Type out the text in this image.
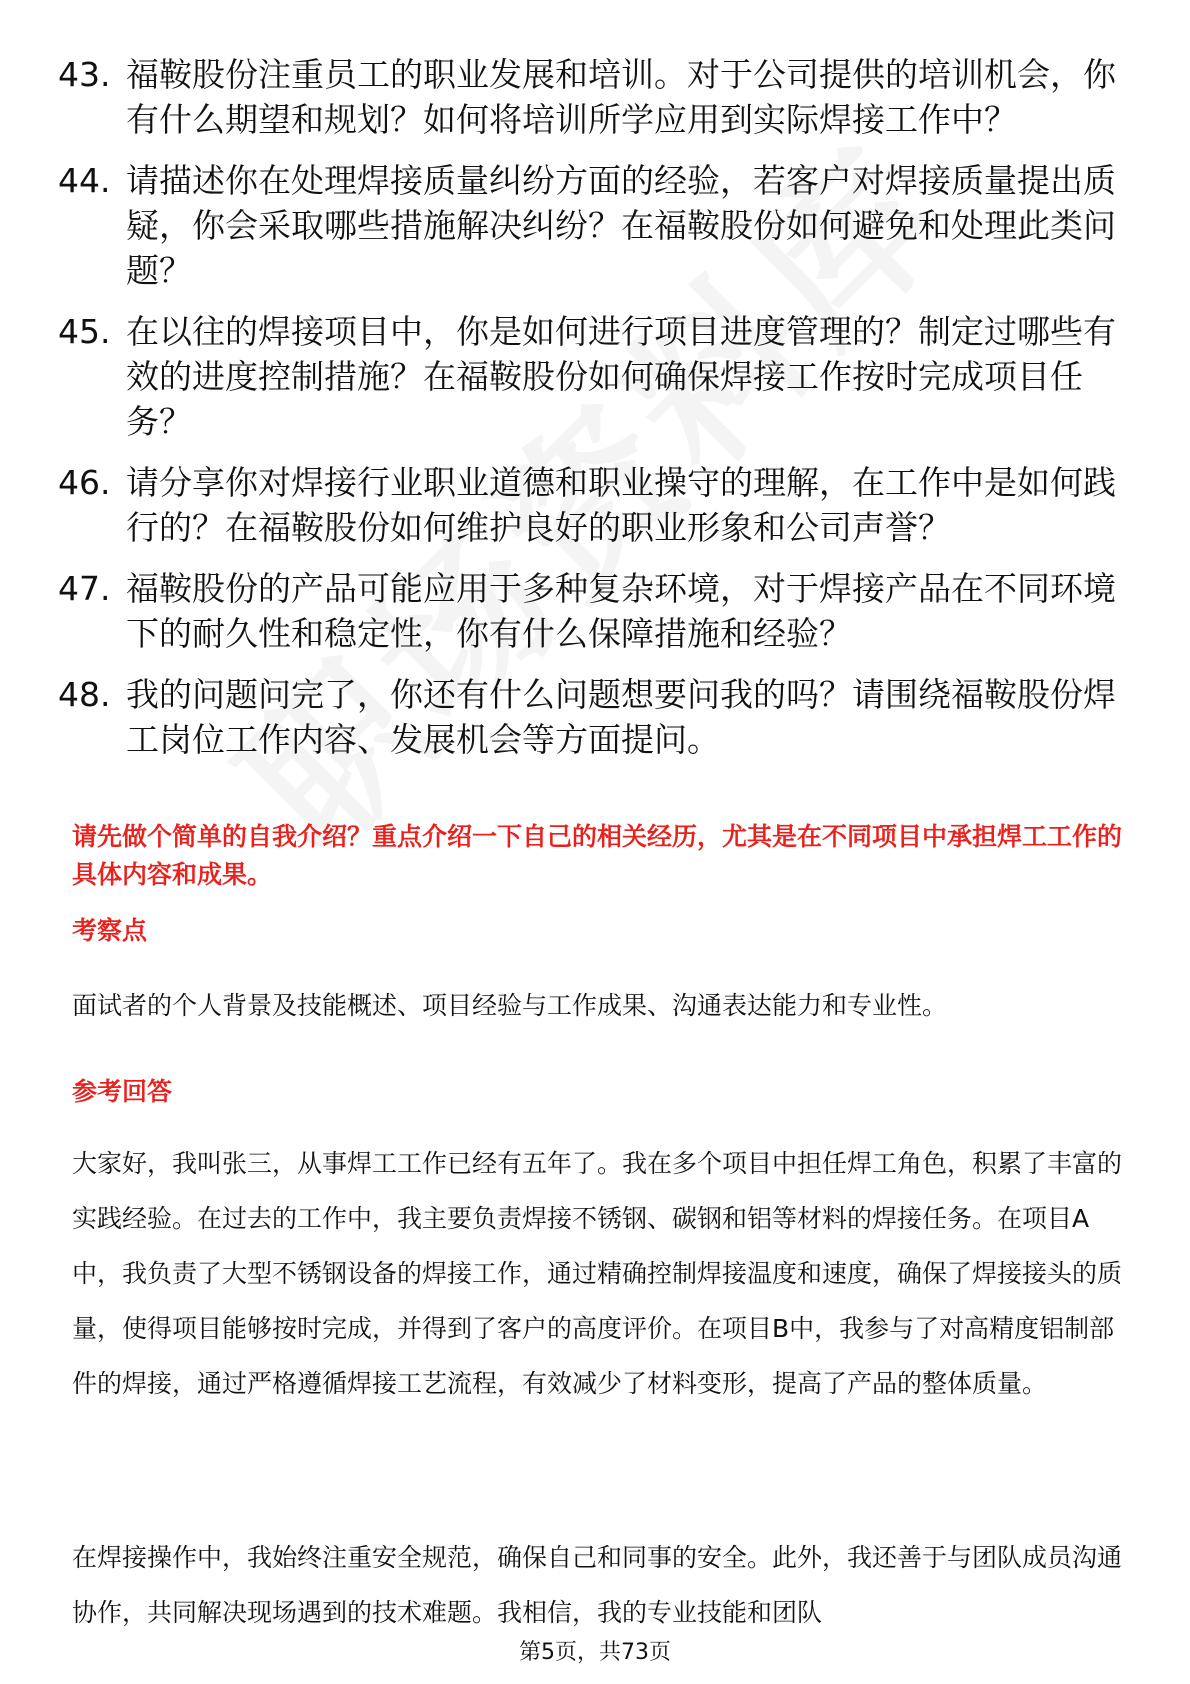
43. 福鞍股份注重员工的职业发展和培训。对于公司提供的培训机会，你有什么期望和规划？如何将培训所学应用到实际焊接工作中？
44. 请描述你在处理焊接质量纠纷方面的经验，若客户对焊接质量提出质疑，你会采取哪些措施解决纠纷？在福鞍股份如何避免和处理此类问题？
45. 在以往的焊接项目中，你是如何进行项目进度管理的？制定过哪些有效的进度控制措施？在福鞍股份如何确保焊接工作按时完成项目任务？
46. 请分享你对焊接行业职业道德和职业操守的理解，在工作中是如何践行的？在福鞍股份如何维护良好的职业形象和公司声誉？
47. 福鞍股份的产品可能应用于多种复杂环境，对于焊接产品在不同环境下的耐久性和稳定性，你有什么保障措施和经验？
48. 我的问题问完了，你还有什么问题想要问我的吗？请围绕福鞍股份焊工岗位工作内容、发展机会等方面提问。
请先做个简单的自我介绍？重点介绍一下自己的相关经历，尤其是在不同项目中承担焊工工作的具体内容和成果。
考察点
面试者的个人背景及技能概述、项目经验与工作成果、沟通表达能力和专业性。
参考回答
大家好，我叫张三，从事焊工工作已经有五年了。我在多个项目中担任焊工角色，积累了丰富的实践经验。在过去的工作中，我主要负责焊接不锈钢、碳钢和铝等材料的焊接任务。在项目A中，我负责了大型不锈钢设备的焊接工作，通过精确控制焊接温度和速度，确保了焊接接头的质量，使得项目能够按时完成，并得到了客户的高度评价。在项目B中，我参与了对高精度铝制部件的焊接，通过严格遵循焊接工艺流程，有效减少了材料变形，提高了产品的整体质量。
在焊接操作中，我始终注重安全规范，确保自己和同事的安全。此外，我还善于与团队成员沟通协作，共同解决现场遇到的技术难题。我相信，我的专业技能和团队
第5页，共73页
